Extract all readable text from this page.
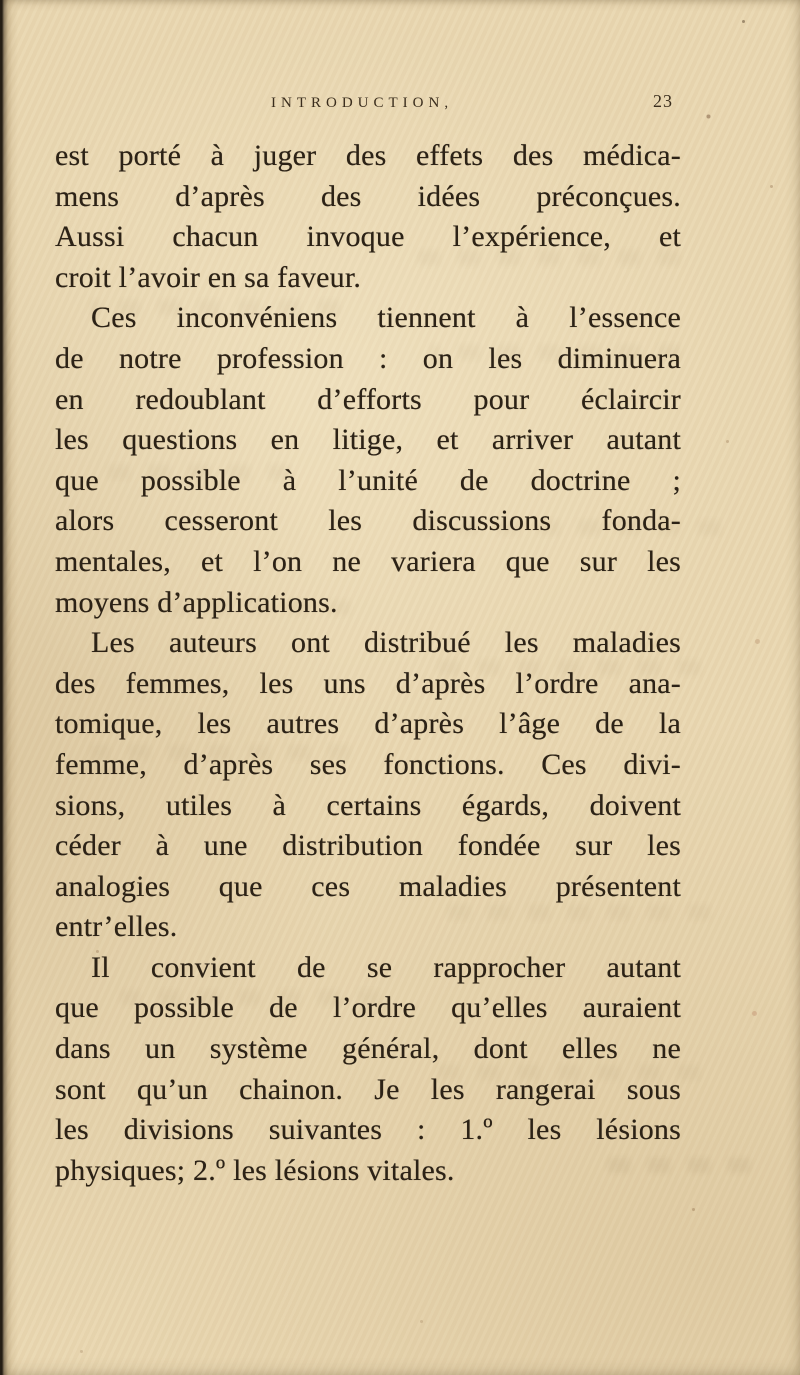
INTRODUCTION,	23
est porté à juger des effets des médica-
mens d’après des idées préconçues.
Aussi chacun invoque l’expérience, et
croit l’avoir en sa faveur.
Ces inconvéniens tiennent à l’essence
de notre profession : on les diminuera
en redoublant d’efforts pour éclaircir
les questions en litige, et arriver autant
que possible à l’unité de doctrine ;
alors cesseront les discussions fonda-
mentales, et l’on ne variera que sur les
moyens d’applications.
Les auteurs ont distribué les maladies
des femmes, les uns d’après l’ordre ana-
tomique, les autres d’après l’âge de la
femme, d’après ses fonctions. Ces divi-
sions, utiles à certains égards, doivent
céder à une distribution fondée sur les
analogies que ces maladies présentent
entr’elles.
Il convient de se rapprocher autant
que possible de l’ordre qu’elles auraient
dans un système général, dont elles ne
sont qu’un chainon. Je les rangerai sous
les divisions suivantes : 1.º les lésions
physiques; 2.º les lésions vitales.
